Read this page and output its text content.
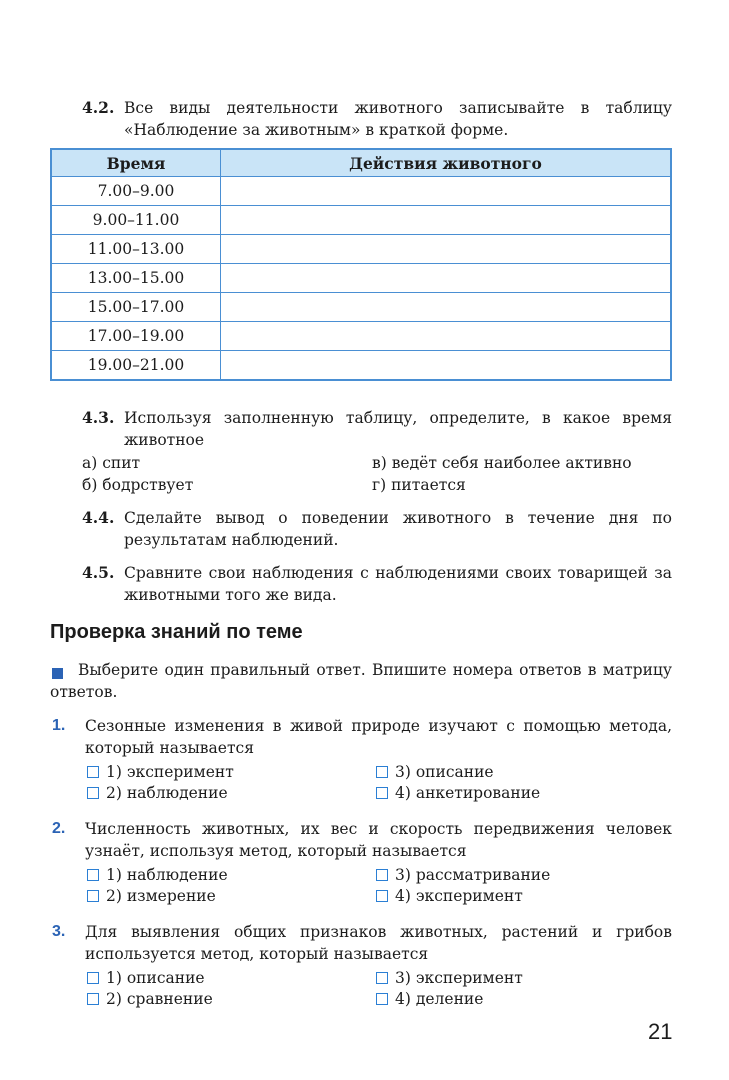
4.2. Все виды деятельности животного записывайте в таблицу «Наблюдение за животным» в краткой форме.
Время	Действия животного
7.00–9.00	
9.00–11.00	
11.00–13.00	
13.00–15.00	
15.00–17.00	
17.00–19.00	
19.00–21.00	
4.3. Используя заполненную таблицу, определите, в какое время животное
а) спит	в) ведёт себя наиболее активно
б) бодрствует	г) питается
4.4. Сделайте вывод о поведении животного в течение дня по результатам наблюдений.
4.5. Сравните свои наблюдения с наблюдениями своих товарищей за животными того же вида.
Проверка знаний по теме
Выберите один правильный ответ. Впишите номера ответов в матрицу ответов.
1. Сезонные изменения в живой природе изучают с помощью метода, который называется
1) эксперимент	3) описание
2) наблюдение	4) анкетирование
2. Численность животных, их вес и скорость передвижения человек узнаёт, используя метод, который называется
1) наблюдение	3) рассматривание
2) измерение	4) эксперимент
3. Для выявления общих признаков животных, растений и грибов используется метод, который называется
1) описание	3) эксперимент
2) сравнение	4) деление
21
